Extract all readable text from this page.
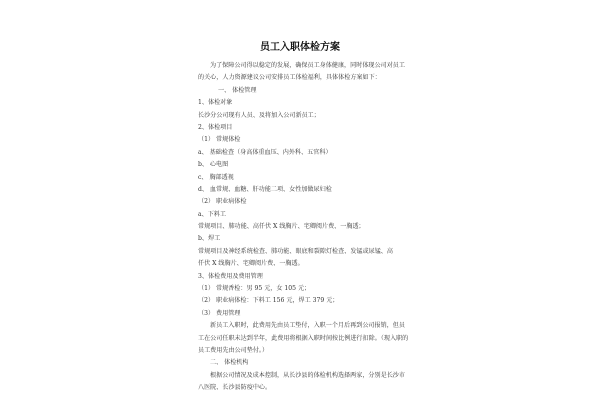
员工入职体检方案
为了保障公司得以稳定的发展，确保员工身体健康，同时体现公司对员工
的关心，人力资源建议公司安排员工体检福利，具体体检方案如下：
一、 体检管理
1、体检对象
长沙分公司现有人员、及将加入公司新员工；
2、体检项目
（1） 常规体检
a、 基础检查（身高体重血压、内外科、五官科）
b、 心电图
c、 胸部透视
d、 血常规、血糖、肝功能二项、女性加做尿妇检
（2） 职业病体检
a、下料工
常规项目、肺功能、高仟伏 X 线胸片、宅卿阅片费、一胸透；
b、焊工
常规项目及神经系统检查、肺功能、眼底和裂隙灯检查、发锰或尿锰、高
仟伏 X 线胸片、宅卿阅片费、一胸透。
3、体检费用及费用管理
（1） 常规香检：男 95 元，女 105 元；
（2） 职业病体检：下料工 156 元，焊工 379 元；
（3） 费用管理
新员工入职时，此费用先由员工垫付，入职一个月后再到公司报销，但员
工在公司任职未达到半年，此费用将根据入职时间按比例进行扣除。（现入职的
员工费用先由公司垫付。）
二、 体检机构
根据公司情况及成本控制，从长沙县的体检机构选择两家，分别是长沙市
八医院、长沙县防疫中心。
